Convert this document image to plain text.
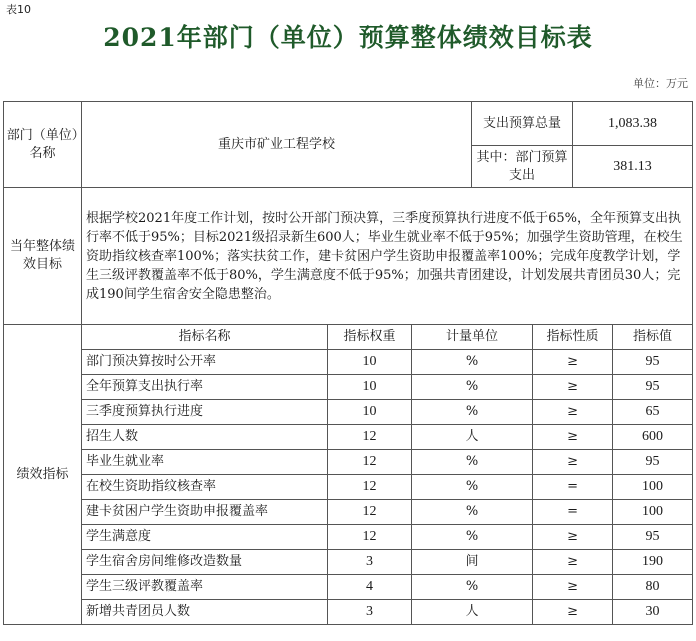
表10
2021年部门（单位）预算整体绩效目标表
单位：万元
部门（单位）名称	重庆市矿业工程学校			支出预算总量		1,083.38	
				其中：部门预算支出		381.13	
当年整体绩效目标	根据学校2021年度工作计划，按时公开部门预决算，三季度预算执行进度不低于65%，全年预算支出执行率不低于95%；目标2021级招录新生600人；毕业生就业率不低于95%；加强学生资助管理，在校生资助指纹核查率100%；落实扶贫工作，建卡贫困户学生资助申报覆盖率100%；完成年度教学计划，学生三级评教覆盖率不低于80%，学生满意度不低于95%；加强共青团建设，计划发展共青团员30人；完成190间学生宿舍安全隐患整治。						
绩效指标	指标名称	指标权重	计量单位		指标性质		指标值
	部门预决算按时公开率	10	%		≥		95
	全年预算支出执行率	10	%		≥		95
	三季度预算执行进度	10	%		≥		65
	招生人数	12	人		≥		600
	毕业生就业率	12	%		≥		95
	在校生资助指纹核查率	12	%		=		100
	建卡贫困户学生资助申报覆盖率	12	%		=		100
	学生满意度	12	%		≥		95
	学生宿舍房间维修改造数量	3	间		≥		190
	学生三级评教覆盖率	4	%		≥		80
	新增共青团员人数	3	人		≥		30
